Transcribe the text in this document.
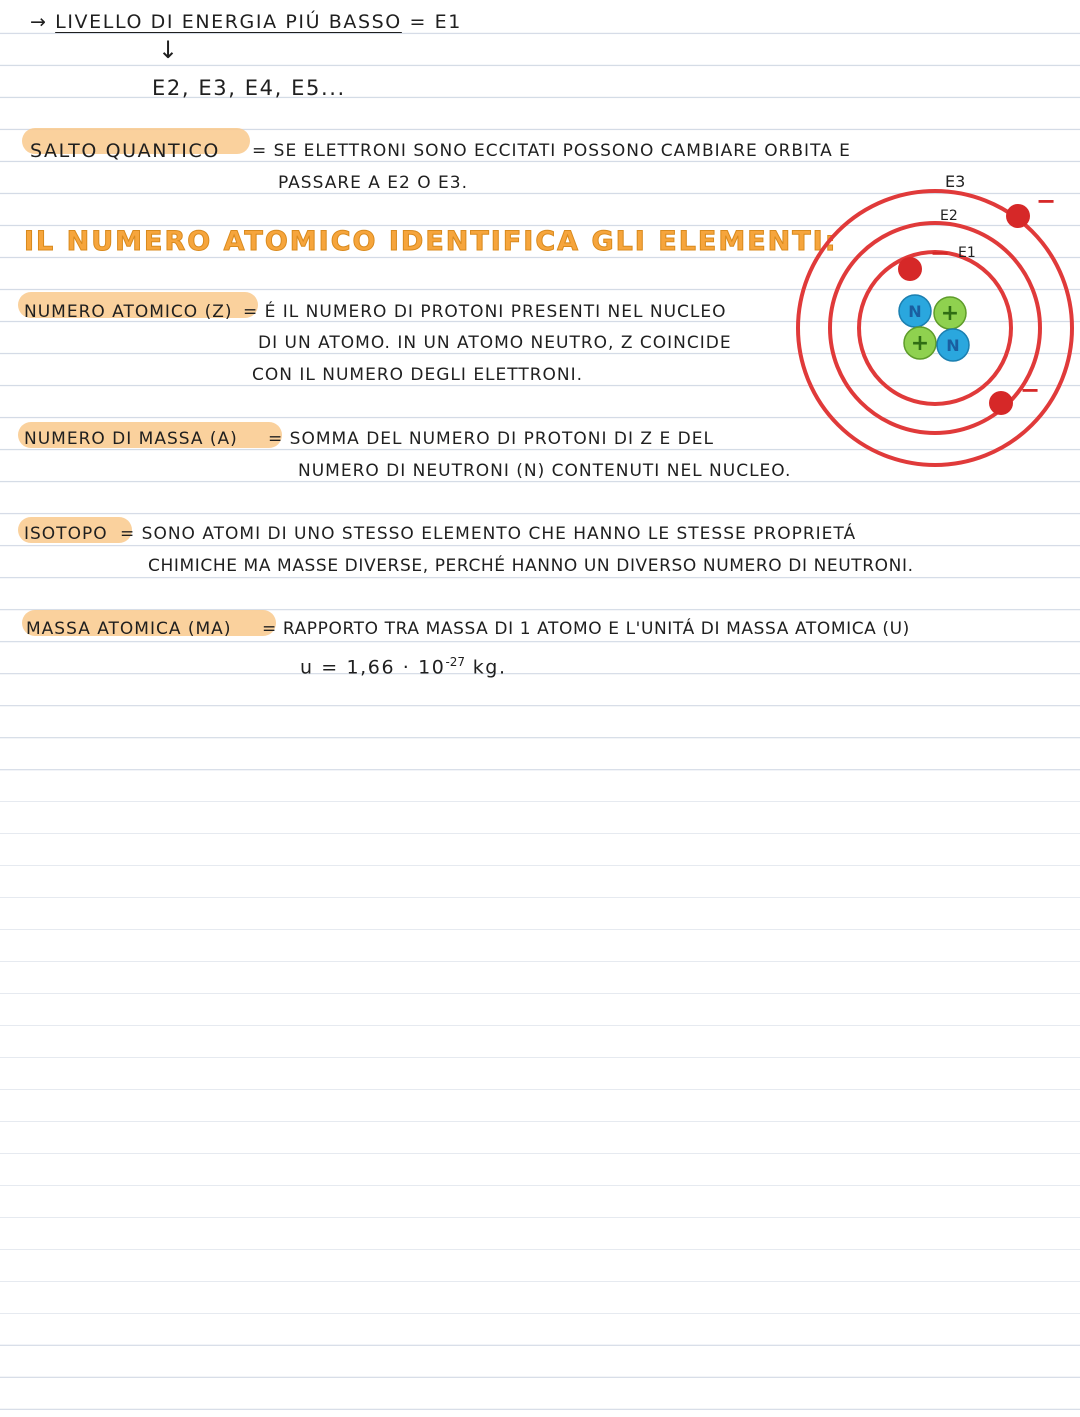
→ LIVELLO DI ENERGIA PIÚ BASSO = E1
↓
E2, E3, E4, E5...
SALTO QUANTICO = SE ELETTRONI SONO ECCITATI POSSONO CAMBIARE ORBITA E
PASSARE A E2 O E3.
IL NUMERO ATOMICO IDENTIFICA GLI ELEMENTI:
NUMERO ATOMICO (Z) = É IL NUMERO DI PROTONI PRESENTI NEL NUCLEO
DI UN ATOMO. IN UN ATOMO NEUTRO, Z COINCIDE
CON IL NUMERO DEGLI ELETTRONI.
NUMERO DI MASSA (A) = SOMMA DEL NUMERO DI PROTONI DI Z E DEL
NUMERO DI NEUTRONI (N) CONTENUTI NEL NUCLEO.
ISOTOPO = SONO ATOMI DI UNO STESSO ELEMENTO CHE HANNO LE STESSE PROPRIETÁ
CHIMICHE MA MASSE DIVERSE, PERCHÉ HANNO UN DIVERSO NUMERO DI NEUTRONI.
MASSA ATOMICA (MA) = RAPPORTO TRA MASSA DI 1 ATOMO E L'UNITÁ DI MASSA ATOMICA (U)
$u = 1,66 \cdot 10^{-27}$ kg.
E1
E2
E3
N +
+ N
−
−
−
